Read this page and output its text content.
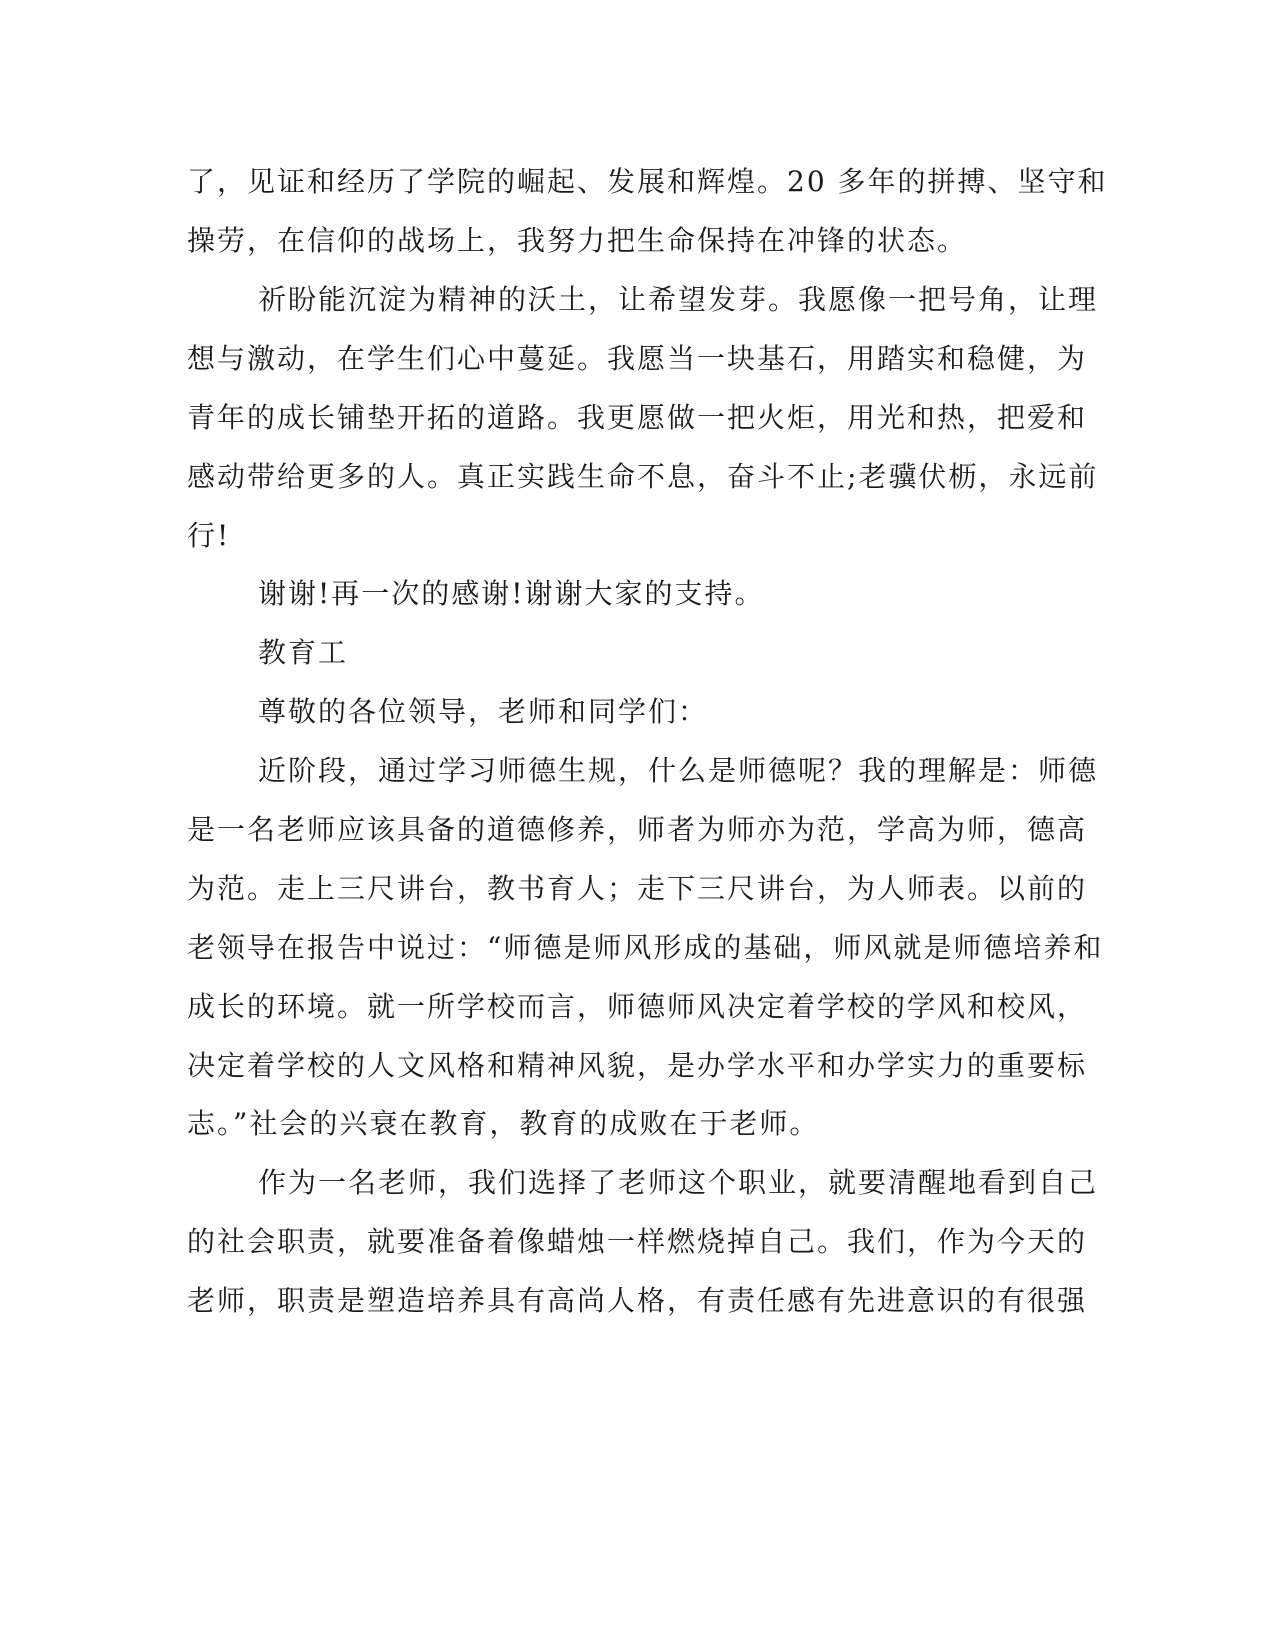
了，见证和经历了学院的崛起、发展和辉煌。20 多年的拼搏、坚守和
操劳，在信仰的战场上，我努力把生命保持在冲锋的状态。
祈盼能沉淀为精神的沃土，让希望发芽。我愿像一把号角，让理
想与激动，在学生们心中蔓延。我愿当一块基石，用踏实和稳健，为
青年的成长铺垫开拓的道路。我更愿做一把火炬，用光和热，把爱和
感动带给更多的人。真正实践生命不息，奋斗不止;老骥伏枥，永远前
行!
谢谢!再一次的感谢!谢谢大家的支持。
教育工
尊敬的各位领导，老师和同学们：
近阶段，通过学习师德生规，什么是师德呢？我的理解是：师德
是一名老师应该具备的道德修养，师者为师亦为范，学高为师，德高
为范。走上三尺讲台，教书育人；走下三尺讲台，为人师表。以前的
老领导在报告中说过：“师德是师风形成的基础，师风就是师德培养和
成长的环境。就一所学校而言，师德师风决定着学校的学风和校风，
决定着学校的人文风格和精神风貌，是办学水平和办学实力的重要标
志。”社会的兴衰在教育，教育的成败在于老师。
作为一名老师，我们选择了老师这个职业，就要清醒地看到自己
的社会职责，就要准备着像蜡烛一样燃烧掉自己。我们，作为今天的
老师，职责是塑造培养具有高尚人格，有责任感有先进意识的有很强
